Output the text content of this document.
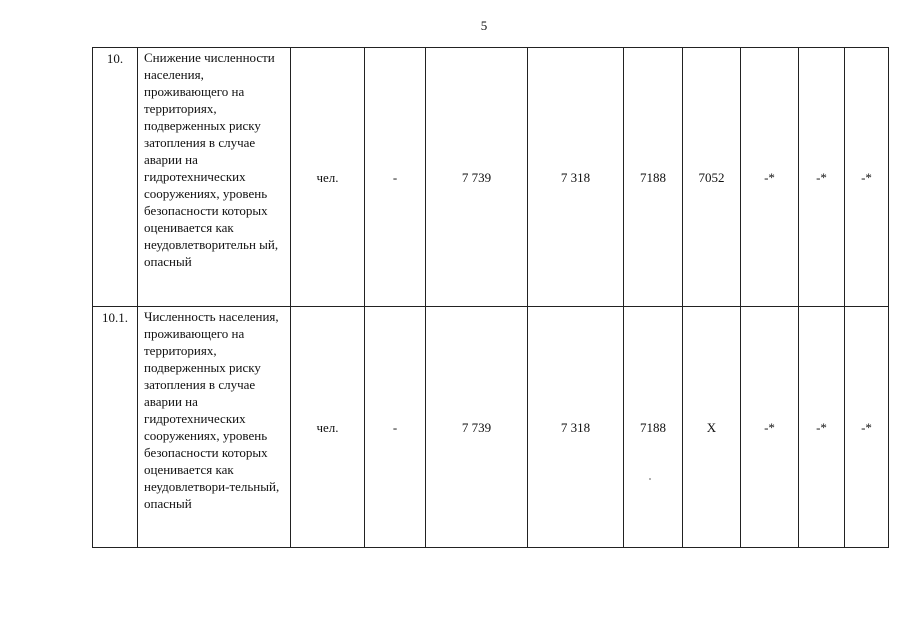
5
10.	Снижение численности населения, проживающего на территориях, подверженных риску затопления в случае аварии на гидротехнических сооружениях, уровень безопасности которых оценивается как неудовлетворительн ый, опасный	чел.	-	7 739	7 318	7188	7052	-*	-*	-*
10.1.	Численность населения, проживающего на территориях, подверженных риску затопления в случае аварии на гидротехнических сооружениях, уровень безопасности которых оценивается как неудовлетвори-тельный, опасный	чел.	-	7 739	7 318	7188	X	-*	-*	-*
